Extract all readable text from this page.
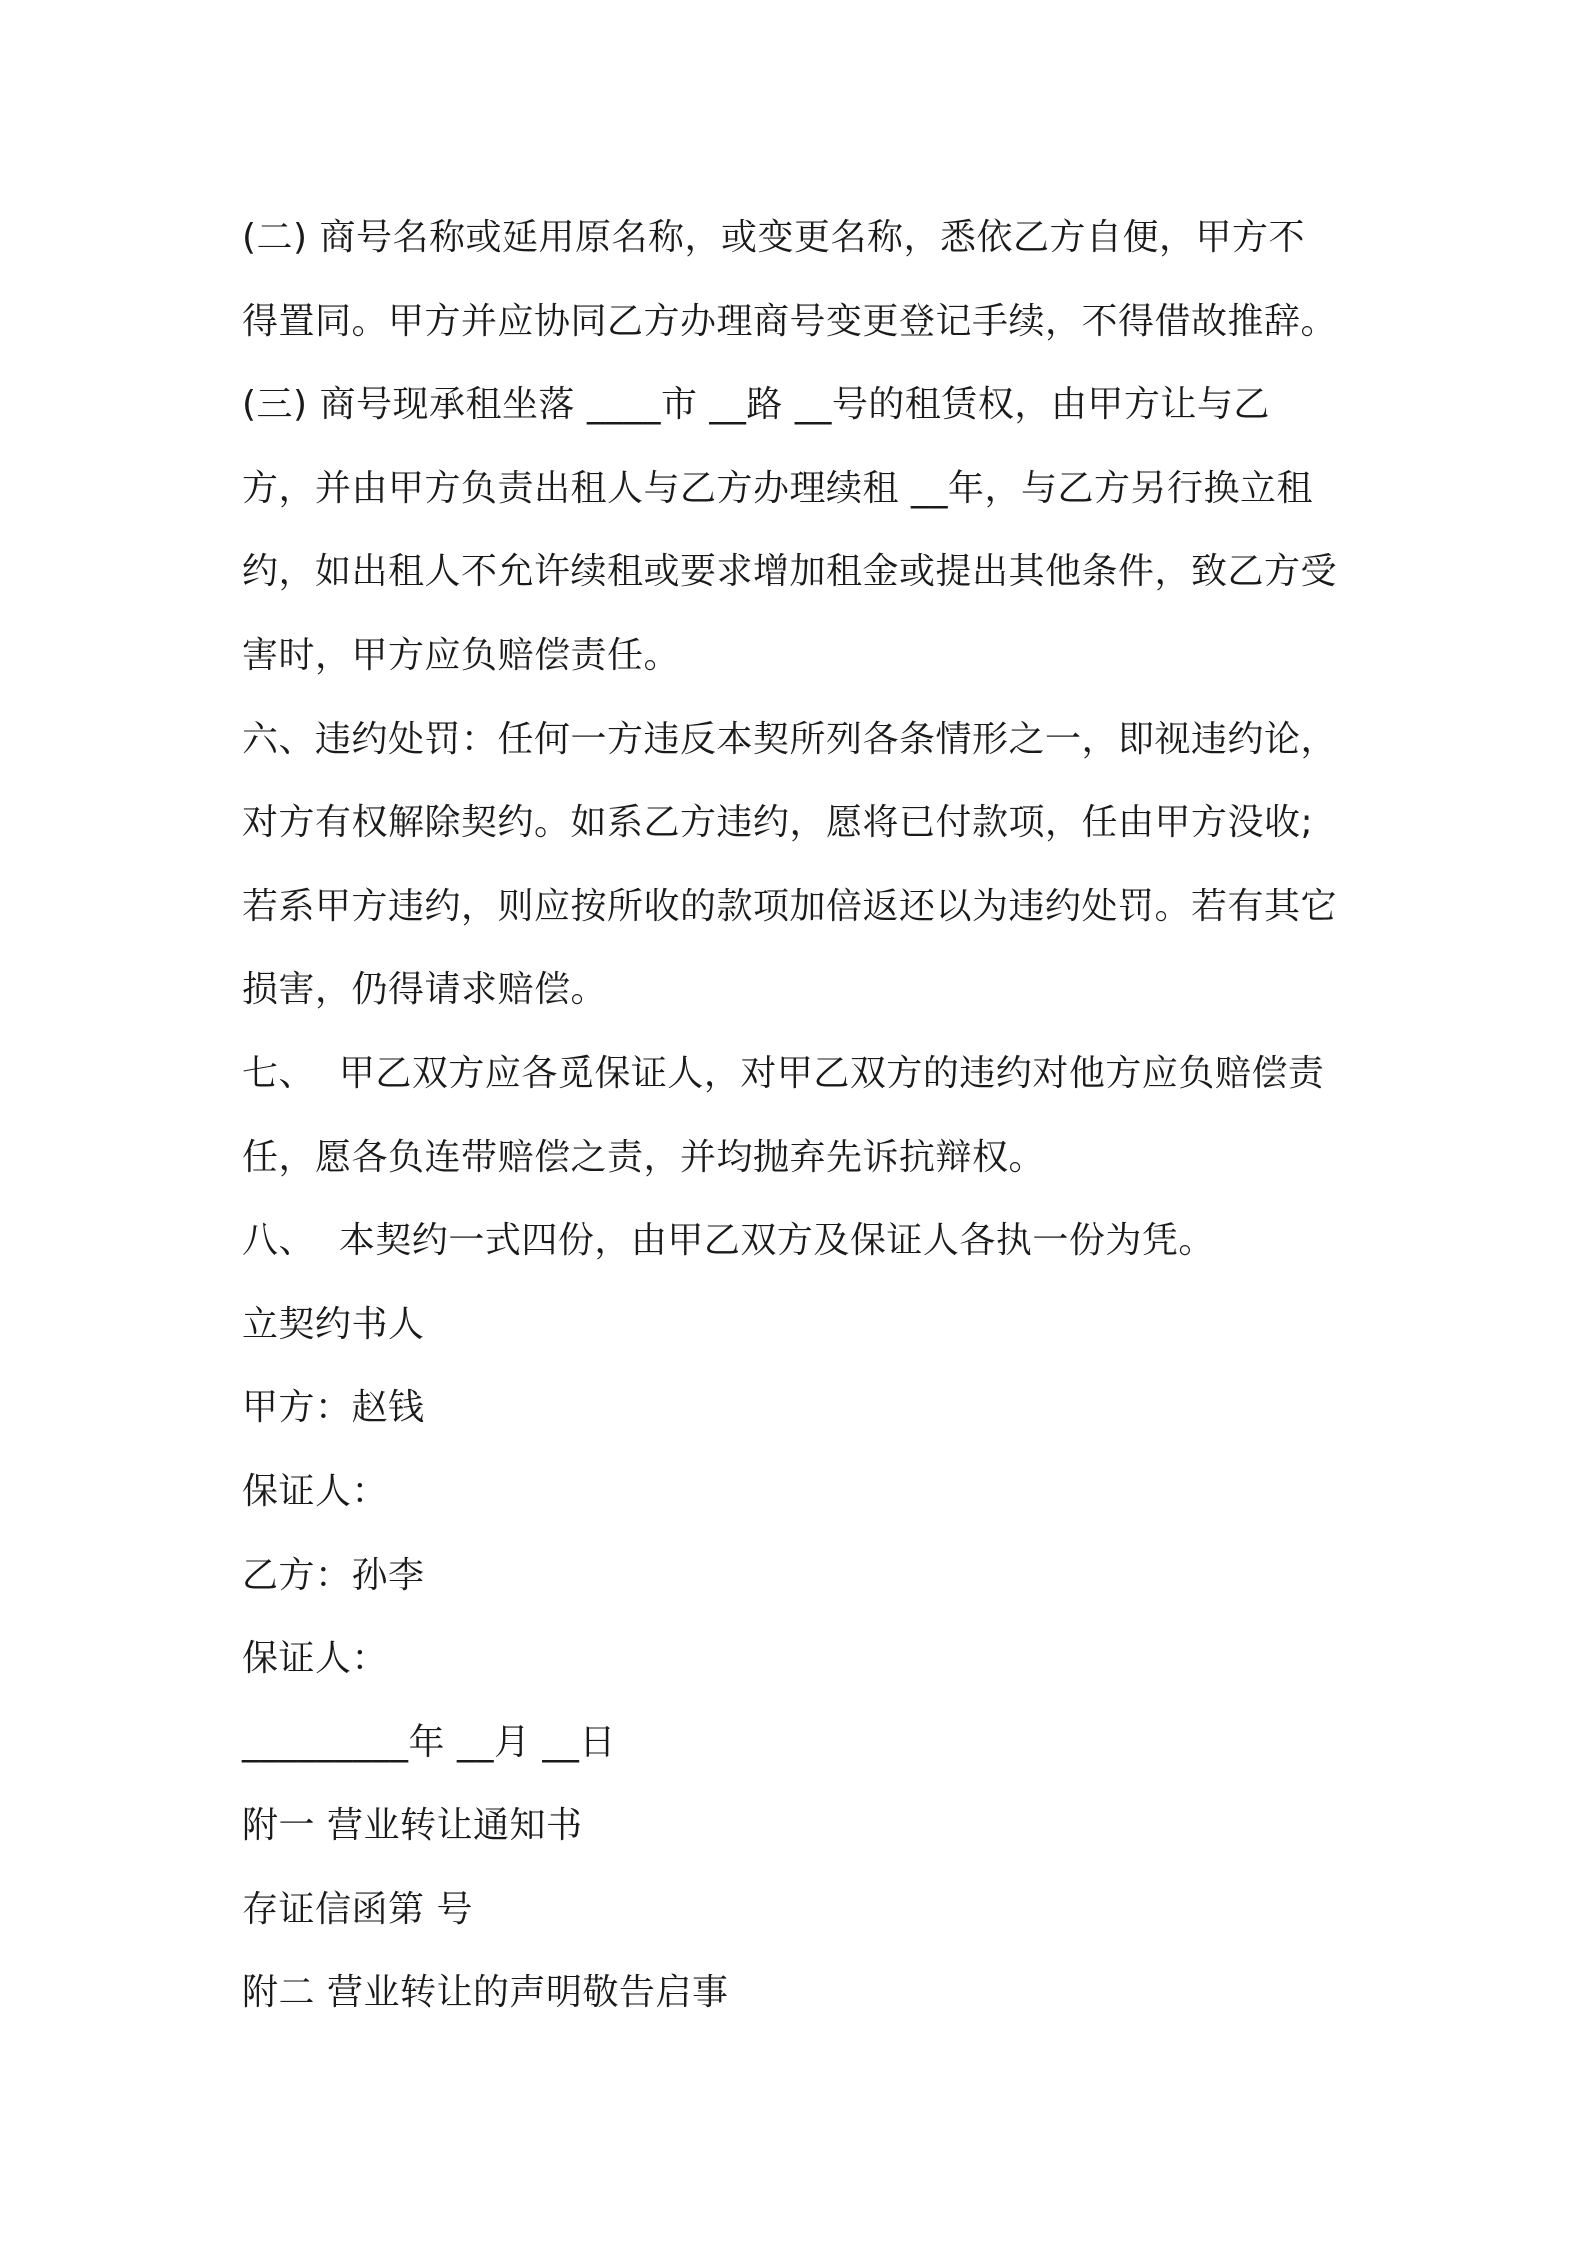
(二) 商号名称或延用原名称，或变更名称，悉依乙方自便，甲方不
得置同。甲方并应协同乙方办理商号变更登记手续，不得借故推辞。
(三) 商号现承租坐落 ____市 __路 __号的租赁权，由甲方让与乙
方，并由甲方负责出租人与乙方办理续租 __年，与乙方另行换立租
约，如出租人不允许续租或要求增加租金或提出其他条件，致乙方受
害时，甲方应负赔偿责任。
六、违约处罚：任何一方违反本契所列各条情形之一，即视违约论，
对方有权解除契约。如系乙方违约，愿将已付款项，任由甲方没收;
若系甲方违约，则应按所收的款项加倍返还以为违约处罚。若有其它
损害，仍得请求赔偿。
七、  甲乙双方应各觅保证人，对甲乙双方的违约对他方应负赔偿责
任，愿各负连带赔偿之责，并均抛弃先诉抗辩权。
八、  本契约一式四份，由甲乙双方及保证人各执一份为凭。
立契约书人
甲方：赵钱
保证人：
乙方：孙李
保证人：
_________年 __月 __日
附一 营业转让通知书
存证信函第 号
附二 营业转让的声明敬告启事
